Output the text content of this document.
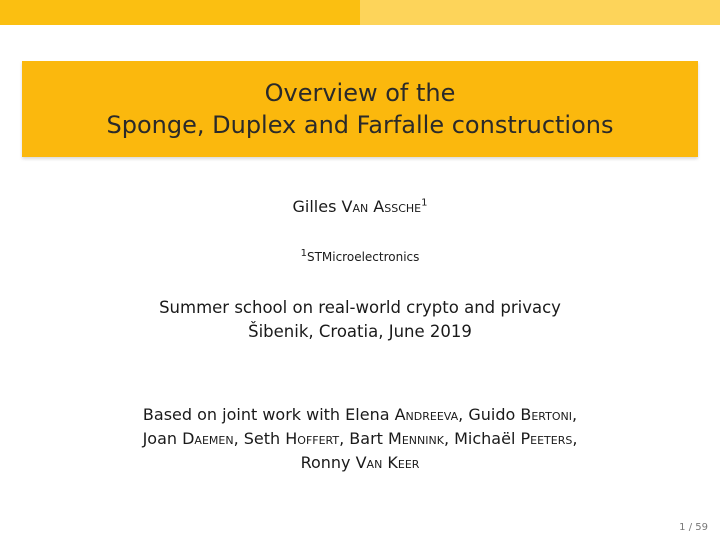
Overview of the
Sponge, Duplex and Farfalle constructions
Gilles Van Assche$^1$
$^1$STMicroelectronics
Summer school on real-world crypto and privacy
Šibenik, Croatia, June 2019
Based on joint work with Elena Andreeva, Guido Bertoni,
Joan Daemen, Seth Hoffert, Bart Mennink, Michaël Peeters,
Ronny Van Keer
1 / 59
